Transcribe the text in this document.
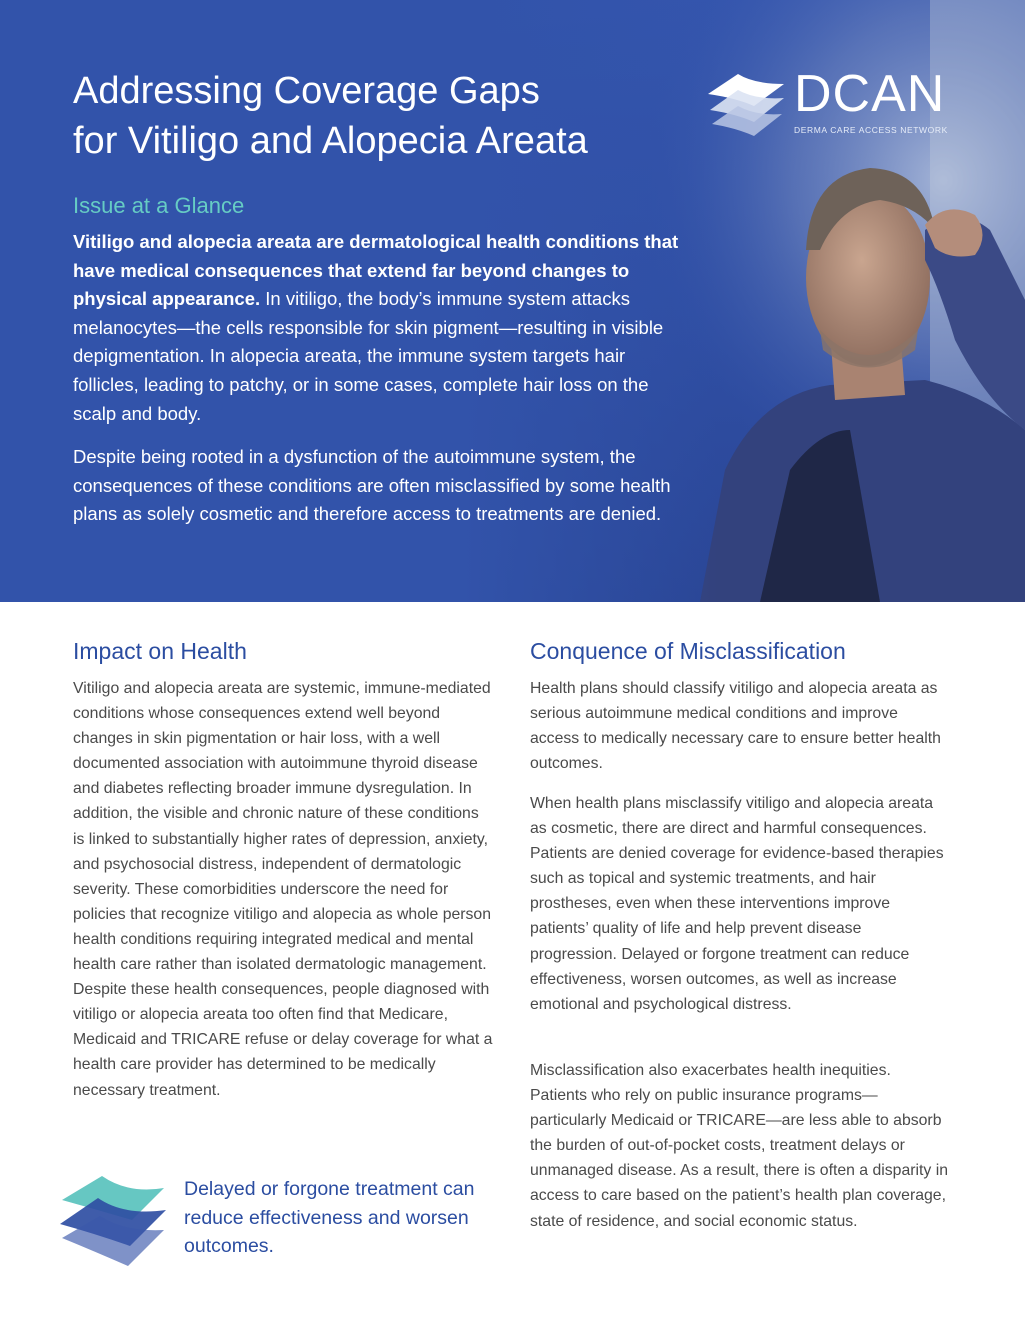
Addressing Coverage Gaps
for Vitiligo and Alopecia Areata
DCAN
DERMA CARE ACCESS NETWORK
Issue at a Glance

Vitiligo and alopecia areata are dermatological health conditions that have medical consequences that extend far beyond changes to physical appearance. In vitiligo, the body’s immune system attacks melanocytes—the cells responsible for skin pigment—resulting in visible depigmentation. In alopecia areata, the immune system targets hair follicles, leading to patchy, or in some cases, complete hair loss on the scalp and body.

Despite being rooted in a dysfunction of the autoimmune system, the consequences of these conditions are often misclassified by some health plans as solely cosmetic and therefore access to treatments are denied.

Impact on Health

Vitiligo and alopecia areata are systemic, immune-mediated conditions whose consequences extend well beyond changes in skin pigmentation or hair loss, with a well documented association with autoimmune thyroid disease and diabetes reflecting broader immune dysregulation. In addition, the visible and chronic nature of these conditions is linked to substantially higher rates of depression, anxiety, and psychosocial distress, independent of dermatologic severity. These comorbidities underscore the need for policies that recognize vitiligo and alopecia as whole person health conditions requiring integrated medical and mental health care rather than isolated dermatologic management. Despite these health consequences, people diagnosed with vitiligo or alopecia areata too often find that Medicare, Medicaid and TRICARE refuse or delay coverage for what a health care provider has determined to be medically necessary treatment.

Delayed or forgone treatment can reduce effectiveness and worsen outcomes.

Conquence of Misclassification

Health plans should classify vitiligo and alopecia areata as serious autoimmune medical conditions and improve access to medically necessary care to ensure better health outcomes.

When health plans misclassify vitiligo and alopecia areata as cosmetic, there are direct and harmful consequences. Patients are denied coverage for evidence-based therapies such as topical and systemic treatments, and hair prostheses, even when these interventions improve patients’ quality of life and help prevent disease progression. Delayed or forgone treatment can reduce effectiveness, worsen outcomes, as well as increase emotional and psychological distress.

Misclassification also exacerbates health inequities. Patients who rely on public insurance programs—particularly Medicaid or TRICARE—are less able to absorb the burden of out-of-pocket costs, treatment delays or unmanaged disease. As a result, there is often a disparity in access to care based on the patient’s health plan coverage, state of residence, and social economic status.
